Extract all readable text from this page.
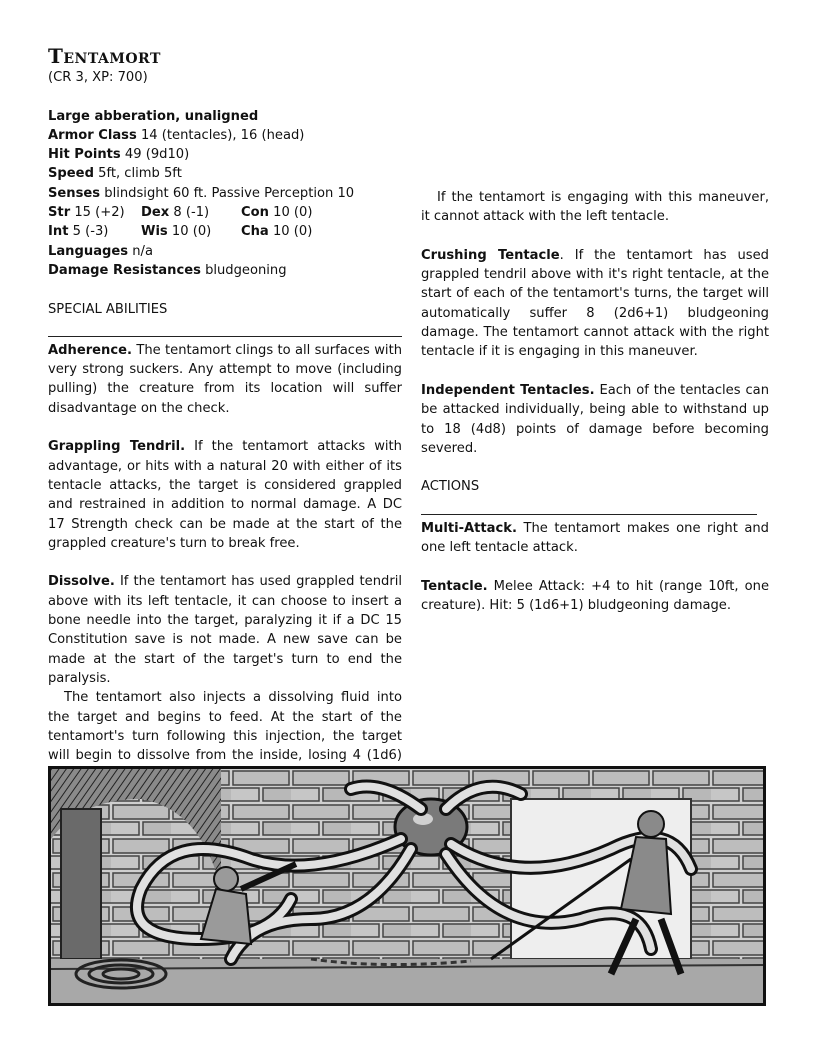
Tentamort
(CR 3, XP: 700)
Large abberation, unaligned
Armor Class 14 (tentacles), 16 (head)
Hit Points 49 (9d10)
Speed 5ft, climb 5ft
Senses blindsight 60 ft. Passive Perception 10
Str 15 (+2)	Dex 8 (-1)	Con 10 (0)
Int 5 (-3)	Wis 10 (0)	Cha 10 (0)
Languages n/a
Damage Resistances bludgeoning
SPECIAL ABILITIES

Adherence. The tentamort clings to all surfaces with very strong suckers. Any attempt to move (including pulling) the creature from its location will suffer disadvantage on the check.

Grappling Tendril. If the tentamort attacks with advantage, or hits with a natural 20 with either of its tentacle attacks, the target is considered grappled and restrained in addition to normal damage. A DC 17 Strength check can be made at the start of the grappled creature's turn to break free.

Dissolve. If the tentamort has used grappled tendril above with its left tentacle, it can choose to insert a bone needle into the target, paralyzing it if a DC 15 Constitution save is not made. A new save can be made at the start of the target's turn to end the paralysis.

The tentamort also injects a dissolving fluid into the target and begins to feed. At the start of the tentamort's turn following this injection, the target will begin to dissolve from the inside, losing 4 (1d6)

If the tentamort is engaging with this maneuver, it cannot attack with the left tentacle.

Crushing Tentacle. If the tentamort has used grappled tendril above with it's right tentacle, at the start of each of the tentamort's turns, the target will automatically suffer 8 (2d6+1) bludgeoning damage. The tentamort cannot attack with the right tentacle if it is engaging in this maneuver.

Independent Tentacles. Each of the tentacles can be attacked individually, being able to withstand up to 18 (4d8) points of damage before becoming severed.

ACTIONS

Multi-Attack. The tentamort makes one right and one left tentacle attack.

Tentacle. Melee Attack: +4 to hit (range 10ft, one creature). Hit: 5 (1d6+1) bludgeoning damage.
